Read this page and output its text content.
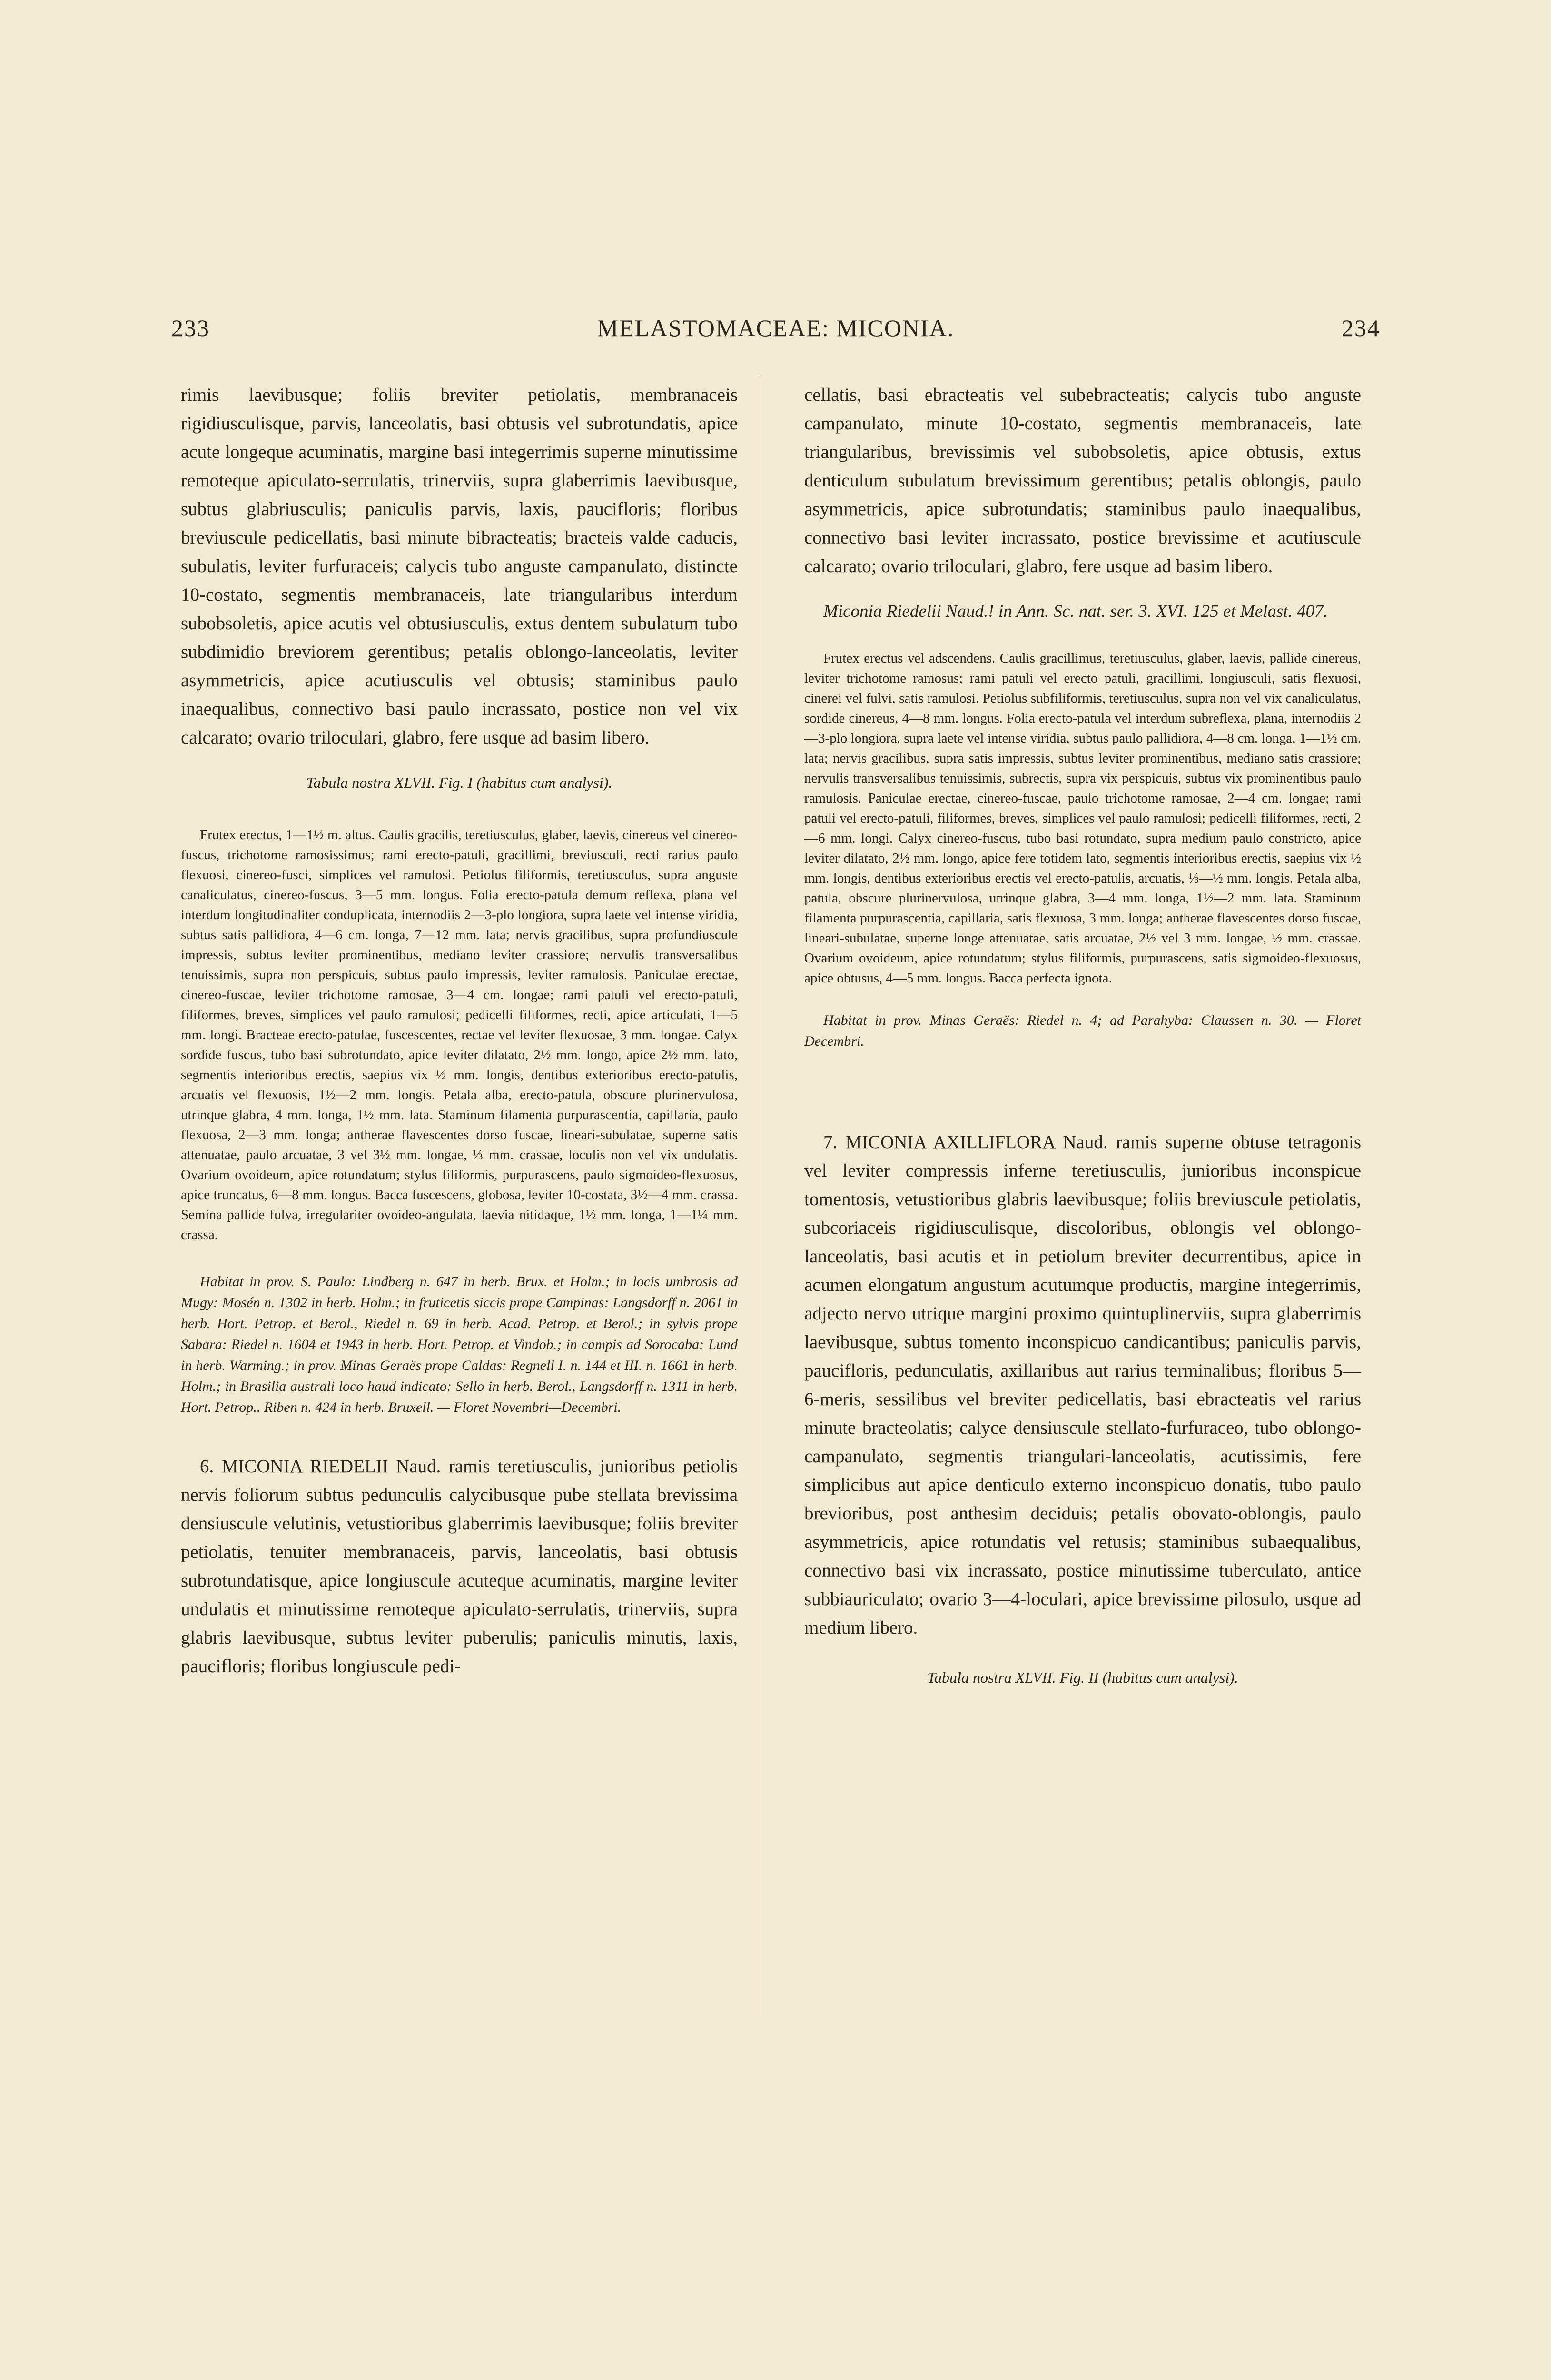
233	MELASTOMACEAE: MICONIA.	234

rimis laevibusque; foliis breviter petiolatis, membranaceis rigidiusculisque, parvis, lanceolatis, basi obtusis vel subrotundatis, apice acute longeque acuminatis, margine basi integerrimis superne minutissime remoteque apiculato-serrulatis, trinerviis, supra glaberrimis laevibusque, subtus glabriusculis; paniculis parvis, laxis, paucifloris; floribus breviuscule pedicellatis, basi minute bibracteatis; bracteis valde caducis, subulatis, leviter furfuraceis; calycis tubo anguste campanulato, distincte 10-costato, segmentis membranaceis, late triangularibus interdum subobsoletis, apice acutis vel obtusiusculis, extus dentem subulatum tubo subdimidio breviorem gerentibus; petalis oblongo-lanceolatis, leviter asymmetricis, apice acutiusculis vel obtusis; staminibus paulo inaequalibus, connectivo basi paulo incrassato, postice non vel vix calcarato; ovario triloculari, glabro, fere usque ad basim libero.

Tabula nostra XLVII. Fig. I (habitus cum analysi).

Frutex erectus, 1—1½ m. altus. Caulis gracilis, teretiusculus, glaber, laevis, cinereus vel cinereo-fuscus, trichotome ramosissimus; rami erecto-patuli, gracillimi, breviusculi, recti rarius paulo flexuosi, cinereo-fusci, simplices vel ramulosi. Petiolus filiformis, teretiusculus, supra anguste canaliculatus, cinereo-fuscus, 3—5 mm. longus. Folia erecto-patula demum reflexa, plana vel interdum longitudinaliter conduplicata, internodiis 2—3-plo longiora, supra laete vel intense viridia, subtus satis pallidiora, 4—6 cm. longa, 7—12 mm. lata; nervis gracilibus, supra profundiuscule impressis, subtus leviter prominentibus, mediano leviter crassiore; nervulis transversalibus tenuissimis, supra non perspicuis, subtus paulo impressis, leviter ramulosis. Paniculae erectae, cinereo-fuscae, leviter trichotome ramosae, 3—4 cm. longae; rami patuli vel erecto-patuli, filiformes, breves, simplices vel paulo ramulosi; pedicelli filiformes, recti, apice articulati, 1—5 mm. longi. Bracteae erecto-patulae, fuscescentes, rectae vel leviter flexuosae, 3 mm. longae. Calyx sordide fuscus, tubo basi subrotundato, apice leviter dilatato, 2½ mm. longo, apice 2½ mm. lato, segmentis interioribus erectis, saepius vix ½ mm. longis, dentibus exterioribus erecto-patulis, arcuatis vel flexuosis, 1½—2 mm. longis. Petala alba, erecto-patula, obscure plurinervulosa, utrinque glabra, 4 mm. longa, 1½ mm. lata. Staminum filamenta purpurascentia, capillaria, paulo flexuosa, 2—3 mm. longa; antherae flavescentes dorso fuscae, lineari-subulatae, superne satis attenuatae, paulo arcuatae, 3 vel 3½ mm. longae, ⅓ mm. crassae, loculis non vel vix undulatis. Ovarium ovoideum, apice rotundatum; stylus filiformis, purpurascens, paulo sigmoideo-flexuosus, apice truncatus, 6—8 mm. longus. Bacca fuscescens, globosa, leviter 10-costata, 3½—4 mm. crassa. Semina pallide fulva, irregulariter ovoideo-angulata, laevia nitidaque, 1½ mm. longa, 1—1¼ mm. crassa.

Habitat in prov. S. Paulo: Lindberg n. 647 in herb. Brux. et Holm.; in locis umbrosis ad Mugy: Mosén n. 1302 in herb. Holm.; in fruticetis siccis prope Campinas: Langsdorff n. 2061 in herb. Hort. Petrop. et Berol., Riedel n. 69 in herb. Acad. Petrop. et Berol.; in sylvis prope Sabara: Riedel n. 1604 et 1943 in herb. Hort. Petrop. et Vindob.; in campis ad Sorocaba: Lund in herb. Warming.; in prov. Minas Geraës prope Caldas: Regnell I. n. 144 et III. n. 1661 in herb. Holm.; in Brasilia australi loco haud indicato: Sello in herb. Berol., Langsdorff n. 1311 in herb. Hort. Petrop.. Riben n. 424 in herb. Bruxell. — Floret Novembri—Decembri.

6. MICONIA RIEDELII Naud. ramis teretiusculis, junioribus petiolis nervis foliorum subtus pedunculis calycibusque pube stellata brevissima densiuscule velutinis, vetustioribus glaberrimis laevibusque; foliis breviter petiolatis, tenuiter membranaceis, parvis, lanceolatis, basi obtusis subrotundatisque, apice longiuscule acuteque acuminatis, margine leviter undulatis et minutissime remoteque apiculato-serrulatis, trinerviis, supra glabris laevibusque, subtus leviter puberulis; paniculis minutis, laxis, paucifloris; floribus longiuscule pedi-

cellatis, basi ebracteatis vel subebracteatis; calycis tubo anguste campanulato, minute 10-costato, segmentis membranaceis, late triangularibus, brevissimis vel subobsoletis, apice obtusis, extus denticulum subulatum brevissimum gerentibus; petalis oblongis, paulo asymmetricis, apice subrotundatis; staminibus paulo inaequalibus, connectivo basi leviter incrassato, postice brevissime et acutiuscule calcarato; ovario triloculari, glabro, fere usque ad basim libero.

Miconia Riedelii Naud.! in Ann. Sc. nat. ser. 3. XVI. 125 et Melast. 407.

Frutex erectus vel adscendens. Caulis gracillimus, teretiusculus, glaber, laevis, pallide cinereus, leviter trichotome ramosus; rami patuli vel erecto patuli, gracillimi, longiusculi, satis flexuosi, cinerei vel fulvi, satis ramulosi. Petiolus subfiliformis, teretiusculus, supra non vel vix canaliculatus, sordide cinereus, 4—8 mm. longus. Folia erecto-patula vel interdum subreflexa, plana, internodiis 2—3-plo longiora, supra laete vel intense viridia, subtus paulo pallidiora, 4—8 cm. longa, 1—1½ cm. lata; nervis gracilibus, supra satis impressis, subtus leviter prominentibus, mediano satis crassiore; nervulis transversalibus tenuissimis, subrectis, supra vix perspicuis, subtus vix prominentibus paulo ramulosis. Paniculae erectae, cinereo-fuscae, paulo trichotome ramosae, 2—4 cm. longae; rami patuli vel erecto-patuli, filiformes, breves, simplices vel paulo ramulosi; pedicelli filiformes, recti, 2—6 mm. longi. Calyx cinereo-fuscus, tubo basi rotundato, supra medium paulo constricto, apice leviter dilatato, 2½ mm. longo, apice fere totidem lato, segmentis interioribus erectis, saepius vix ½ mm. longis, dentibus exterioribus erectis vel erecto-patulis, arcuatis, ⅓—½ mm. longis. Petala alba, patula, obscure plurinervulosa, utrinque glabra, 3—4 mm. longa, 1½—2 mm. lata. Staminum filamenta purpurascentia, capillaria, satis flexuosa, 3 mm. longa; antherae flavescentes dorso fuscae, lineari-subulatae, superne longe attenuatae, satis arcuatae, 2½ vel 3 mm. longae, ½ mm. crassae. Ovarium ovoideum, apice rotundatum; stylus filiformis, purpurascens, satis sigmoideo-flexuosus, apice obtusus, 4—5 mm. longus. Bacca perfecta ignota.

Habitat in prov. Minas Geraës: Riedel n. 4; ad Parahyba: Claussen n. 30. — Floret Decembri.

7. MICONIA AXILLIFLORA Naud. ramis superne obtuse tetragonis vel leviter compressis inferne teretiusculis, junioribus inconspicue tomentosis, vetustioribus glabris laevibusque; foliis breviuscule petiolatis, subcoriaceis rigidiusculisque, discoloribus, oblongis vel oblongo-lanceolatis, basi acutis et in petiolum breviter decurrentibus, apice in acumen elongatum angustum acutumque productis, margine integerrimis, adjecto nervo utrique margini proximo quintuplinerviis, supra glaberrimis laevibusque, subtus tomento inconspicuo candicantibus; paniculis parvis, paucifloris, pedunculatis, axillaribus aut rarius terminalibus; floribus 5—6-meris, sessilibus vel breviter pedicellatis, basi ebracteatis vel rarius minute bracteolatis; calyce densiuscule stellato-furfuraceo, tubo oblongo-campanulato, segmentis triangulari-lanceolatis, acutissimis, fere simplicibus aut apice denticulo externo inconspicuo donatis, tubo paulo brevioribus, post anthesim deciduis; petalis obovato-oblongis, paulo asymmetricis, apice rotundatis vel retusis; staminibus subaequalibus, connectivo basi vix incrassato, postice minutissime tuberculato, antice subbiauriculato; ovario 3—4-loculari, apice brevissime pilosulo, usque ad medium libero.

Tabula nostra XLVII. Fig. II (habitus cum analysi).
